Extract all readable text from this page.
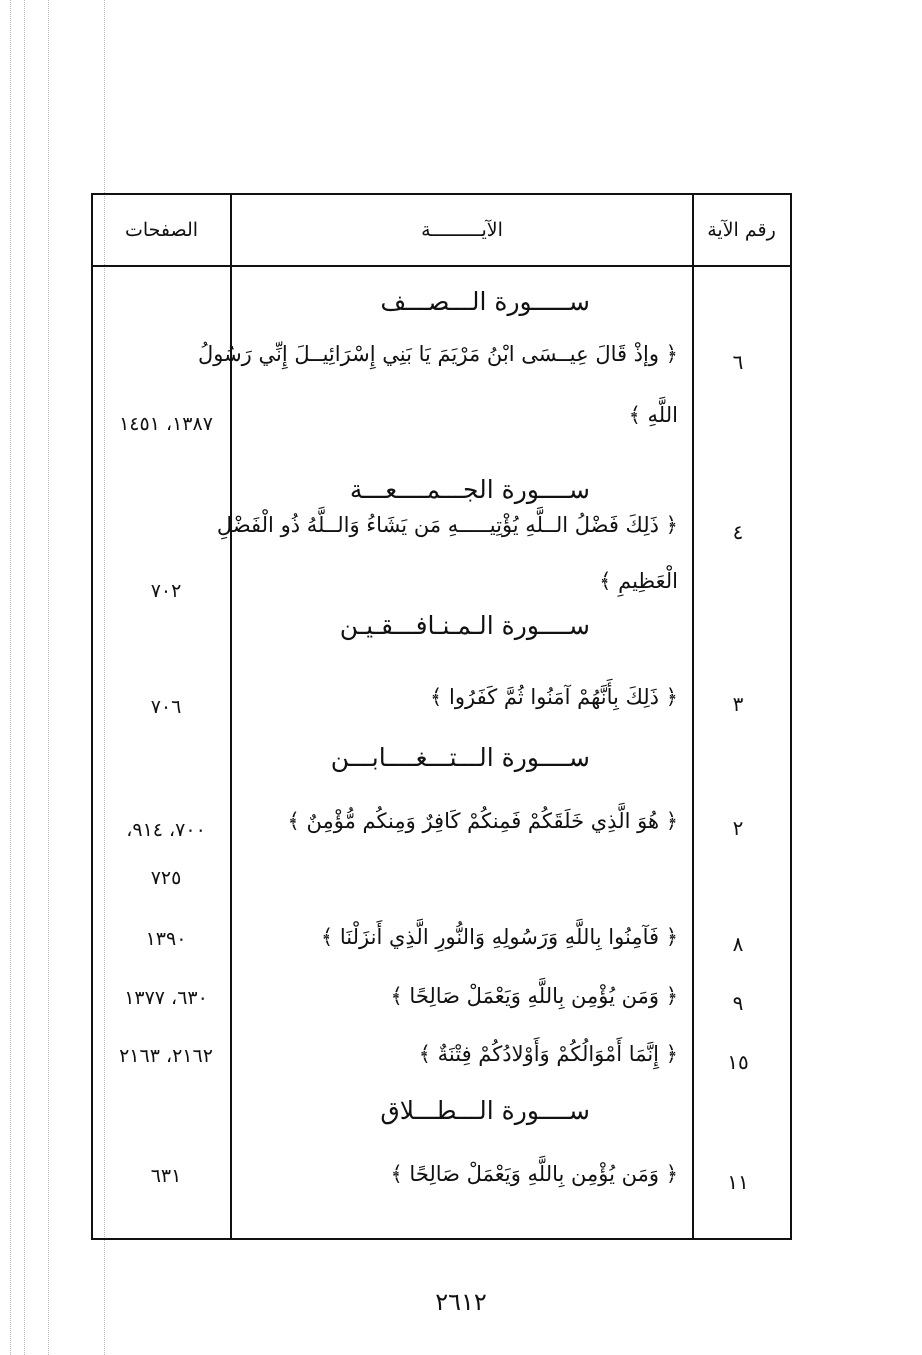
رقم الآية
الآيـــــــــة
الصفحات
ســـــورة الـــصـــف
٦
﴿ وإذْ قَالَ عِيــسَى ابْنُ مَرْيَمَ يَا بَنِي إِسْرَائِيــلَ إِنِّي رَسُولُ
اللَّهِ ﴾
١٣٨٧، ١٤٥١
ســــورة الجـــمــــعـــة
٤
﴿ ذَلِكَ فَضْلُ الــلَّهِ يُؤْتِيـــــهِ مَن يَشَاءُ وَالــلَّهُ ذُو الْفَضْلِ
الْعَظِيمِ ﴾
٧٠٢
ســــورة الـمـنـافـــقـيـن
٣
﴿ ذَلِكَ بِأَنَّهُمْ آمَنُوا ثُمَّ كَفَرُوا ﴾
٧٠٦
ســــورة الـــتـــغــــابـــن
٢
﴿ هُوَ الَّذِي خَلَقَكُمْ فَمِنكُمْ كَافِرٌ وَمِنكُم مُّؤْمِنٌ ﴾
٧٠٠، ٩١٤،
٧٢٥
٨
﴿ فَآمِنُوا بِاللَّهِ وَرَسُولِهِ وَالنُّورِ الَّذِي أَنزَلْنَا ﴾
١٣٩٠
٩
﴿ وَمَن يُؤْمِن بِاللَّهِ وَيَعْمَلْ صَالِحًا ﴾
٦٣٠، ١٣٧٧
١٥
﴿ إِنَّمَا أَمْوَالُكُمْ وَأَوْلادُكُمْ فِتْنَةٌ ﴾
٢١٦٢، ٢١٦٣
ســــورة الـــطـــلاق
١١
﴿ وَمَن يُؤْمِن بِاللَّهِ وَيَعْمَلْ صَالِحًا ﴾
٦٣١
٢٦١٢
